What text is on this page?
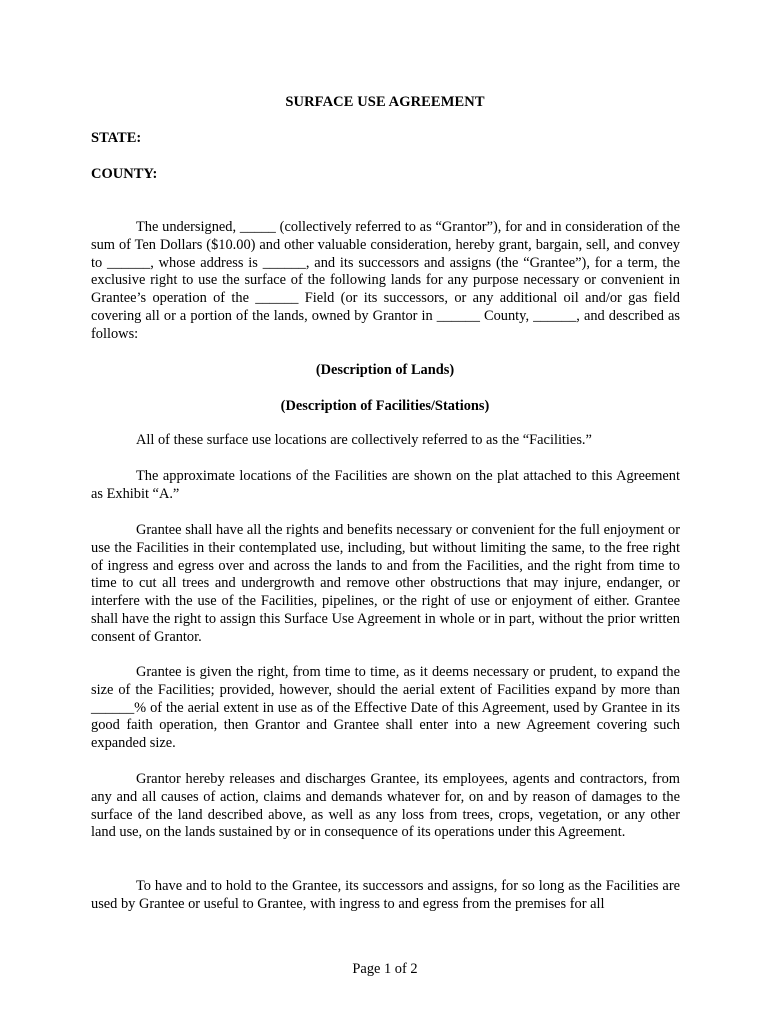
SURFACE USE AGREEMENT
STATE:
COUNTY:

The undersigned, _____ (collectively referred to as “Grantor”), for and in consideration of the sum of Ten Dollars ($10.00) and other valuable consideration, hereby grant, bargain, sell, and convey to ______, whose address is ______, and its successors and assigns (the “Grantee”), for a term, the exclusive right to use the surface of the following lands for any purpose necessary or convenient in Grantee’s operation of the ______ Field (or its successors, or any additional oil and/or gas field covering all or a portion of the lands, owned by Grantor in ______ County, ______, and described as follows:

(Description of Lands)
(Description of Facilities/Stations)

All of these surface use locations are collectively referred to as the “Facilities.”

The approximate locations of the Facilities are shown on the plat attached to this Agreement as Exhibit “A.”

Grantee shall have all the rights and benefits necessary or convenient for the full enjoyment or use the Facilities in their contemplated use, including, but without limiting the same, to the free right of ingress and egress over and across the lands to and from the Facilities, and the right from time to time to cut all trees and undergrowth and remove other obstructions that may injure, endanger, or interfere with the use of the Facilities, pipelines, or the right of use or enjoyment of either. Grantee shall have the right to assign this Surface Use Agreement in whole or in part, without the prior written consent of Grantor.

Grantee is given the right, from time to time, as it deems necessary or prudent, to expand the size of the Facilities; provided, however, should the aerial extent of Facilities expand by more than ______% of the aerial extent in use as of the Effective Date of this Agreement, used by Grantee in its good faith operation, then Grantor and Grantee shall enter into a new Agreement covering such expanded size.

Grantor hereby releases and discharges Grantee, its employees, agents and contractors, from any and all causes of action, claims and demands whatever for, on and by reason of damages to the surface of the land described above, as well as any loss from trees, crops, vegetation, or any other land use, on the lands sustained by or in consequence of its operations under this Agreement.

To have and to hold to the Grantee, its successors and assigns, for so long as the Facilities are used by Grantee or useful to Grantee, with ingress to and egress from the premises for all

Page 1 of 2
